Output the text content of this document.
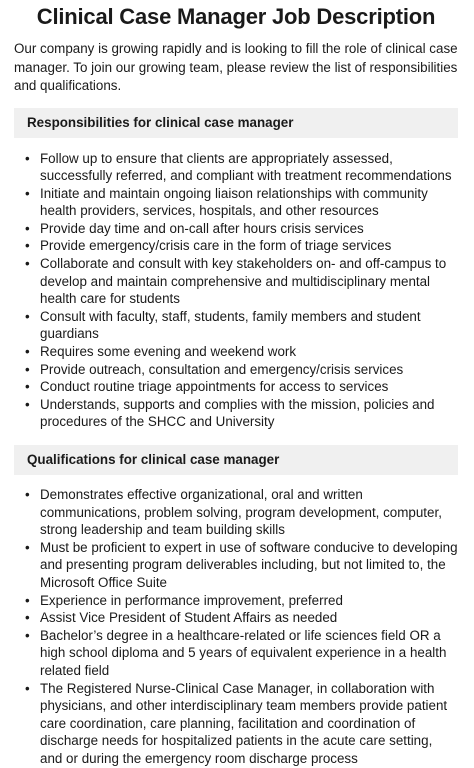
Clinical Case Manager Job Description

Our company is growing rapidly and is looking to fill the role of clinical case manager. To join our growing team, please review the list of responsibilities and qualifications.

Responsibilities for clinical case manager
• Follow up to ensure that clients are appropriately assessed, successfully referred, and compliant with treatment recommendations
• Initiate and maintain ongoing liaison relationships with community health providers, services, hospitals, and other resources
• Provide day time and on-call after hours crisis services
• Provide emergency/crisis care in the form of triage services
• Collaborate and consult with key stakeholders on- and off-campus to develop and maintain comprehensive and multidisciplinary mental health care for students
• Consult with faculty, staff, students, family members and student guardians
• Requires some evening and weekend work
• Provide outreach, consultation and emergency/crisis services
• Conduct routine triage appointments for access to services
• Understands, supports and complies with the mission, policies and procedures of the SHCC and University
Qualifications for clinical case manager
• Demonstrates effective organizational, oral and written communications, problem solving, program development, computer, strong leadership and team building skills
• Must be proficient to expert in use of software conducive to developing and presenting program deliverables including, but not limited to, the Microsoft Office Suite
• Experience in performance improvement, preferred
• Assist Vice President of Student Affairs as needed
• Bachelor’s degree in a healthcare-related or life sciences field OR a high school diploma and 5 years of equivalent experience in a health related field
• The Registered Nurse-Clinical Case Manager, in collaboration with physicians, and other interdisciplinary team members provide patient care coordination, care planning, facilitation and coordination of discharge needs for hospitalized patients in the acute care setting, and or during the emergency room discharge process
